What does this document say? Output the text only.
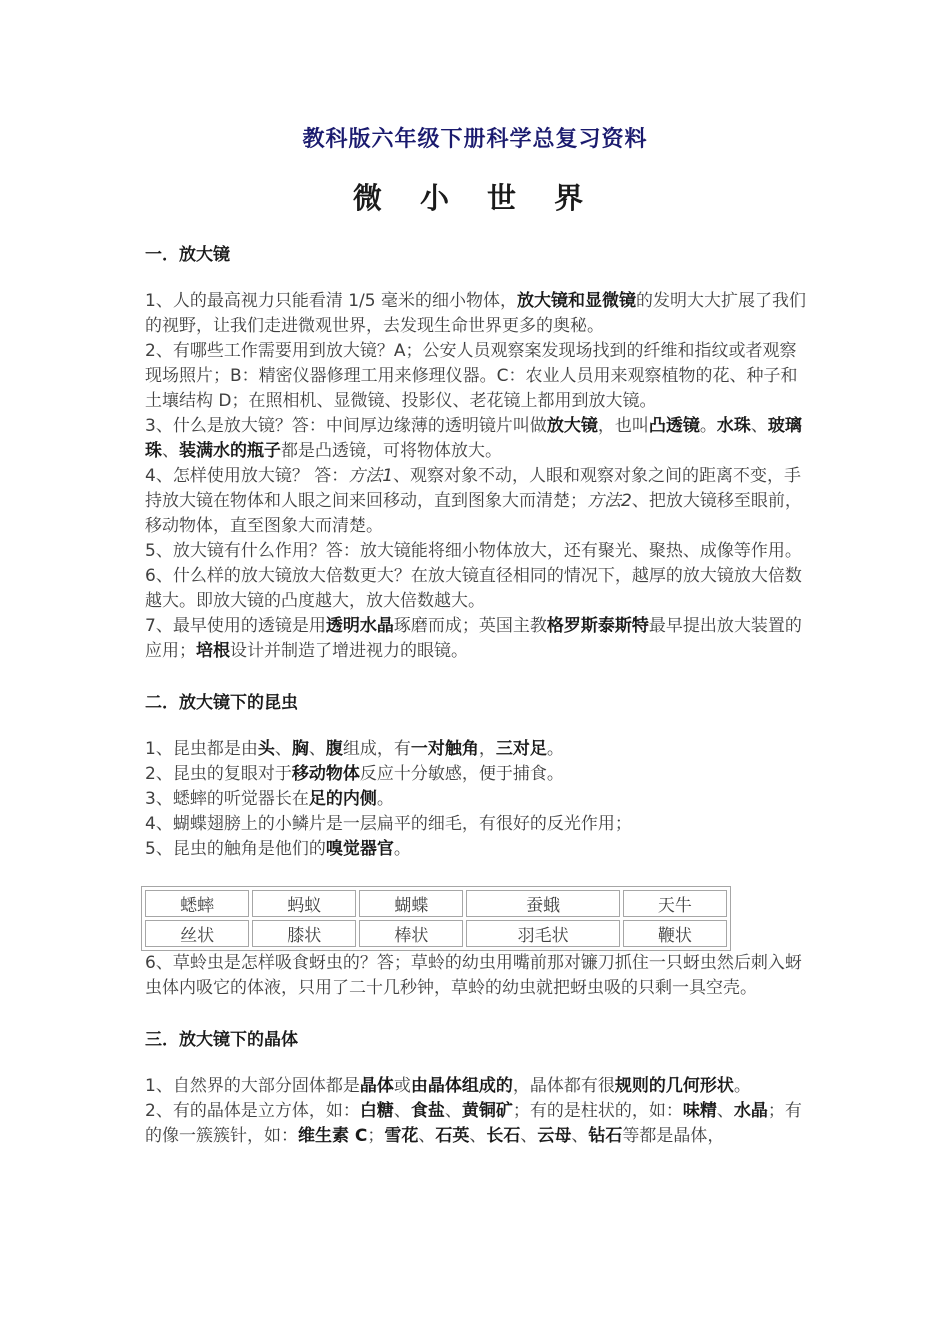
教科版六年级下册科学总复习资料
微 小 世 界
一．放大镜

1、人的最高视力只能看清 1/5 毫米的细小物体，放大镜和显微镜的发明大大扩展了我们的视野，让我们走进微观世界，去发现生命世界更多的奥秘。

2、有哪些工作需要用到放大镜？A；公安人员观察案发现场找到的纤维和指纹或者观察现场照片；B：精密仪器修理工用来修理仪器。C：农业人员用来观察植物的花、种子和土壤结构 D；在照相机、显微镜、投影仪、老花镜上都用到放大镜。

3、什么是放大镜？答：中间厚边缘薄的透明镜片叫做放大镜，也叫凸透镜。水珠、玻璃珠、装满水的瓶子都是凸透镜，可将物体放大。

4、怎样使用放大镜？ 答：方法1、观察对象不动，人眼和观察对象之间的距离不变，手持放大镜在物体和人眼之间来回移动，直到图象大而清楚；方法2、把放大镜移至眼前，移动物体，直至图象大而清楚。

5、放大镜有什么作用？答：放大镜能将细小物体放大，还有聚光、聚热、成像等作用。

6、什么样的放大镜放大倍数更大？在放大镜直径相同的情况下，越厚的放大镜放大倍数越大。即放大镜的凸度越大，放大倍数越大。

7、最早使用的透镜是用透明水晶琢磨而成；英国主教格罗斯泰斯特最早提出放大装置的应用；培根设计并制造了增进视力的眼镜。

二．放大镜下的昆虫

1、昆虫都是由头、胸、腹组成，有一对触角，三对足。

2、昆虫的复眼对于移动物体反应十分敏感，便于捕食。

3、蟋蟀的听觉器长在足的内侧。

4、蝴蝶翅膀上的小鳞片是一层扁平的细毛，有很好的反光作用；

5、昆虫的触角是他们的嗅觉器官。

蟋蟀	蚂蚁	蝴蝶	蚕蛾	天牛
丝状	膝状	棒状	羽毛状	鞭状

6、草蛉虫是怎样吸食蚜虫的？答；草蛉的幼虫用嘴前那对镰刀抓住一只蚜虫然后刺入蚜虫体内吸它的体液，只用了二十几秒钟，草蛉的幼虫就把蚜虫吸的只剩一具空壳。

三．放大镜下的晶体

1、自然界的大部分固体都是晶体或由晶体组成的，晶体都有很规则的几何形状。

2、有的晶体是立方体，如：白糖、食盐、黄铜矿；有的是柱状的，如：味精、水晶；有的像一簇簇针，如：维生素 C；雪花、石英、长石、云母、钻石等都是晶体，
